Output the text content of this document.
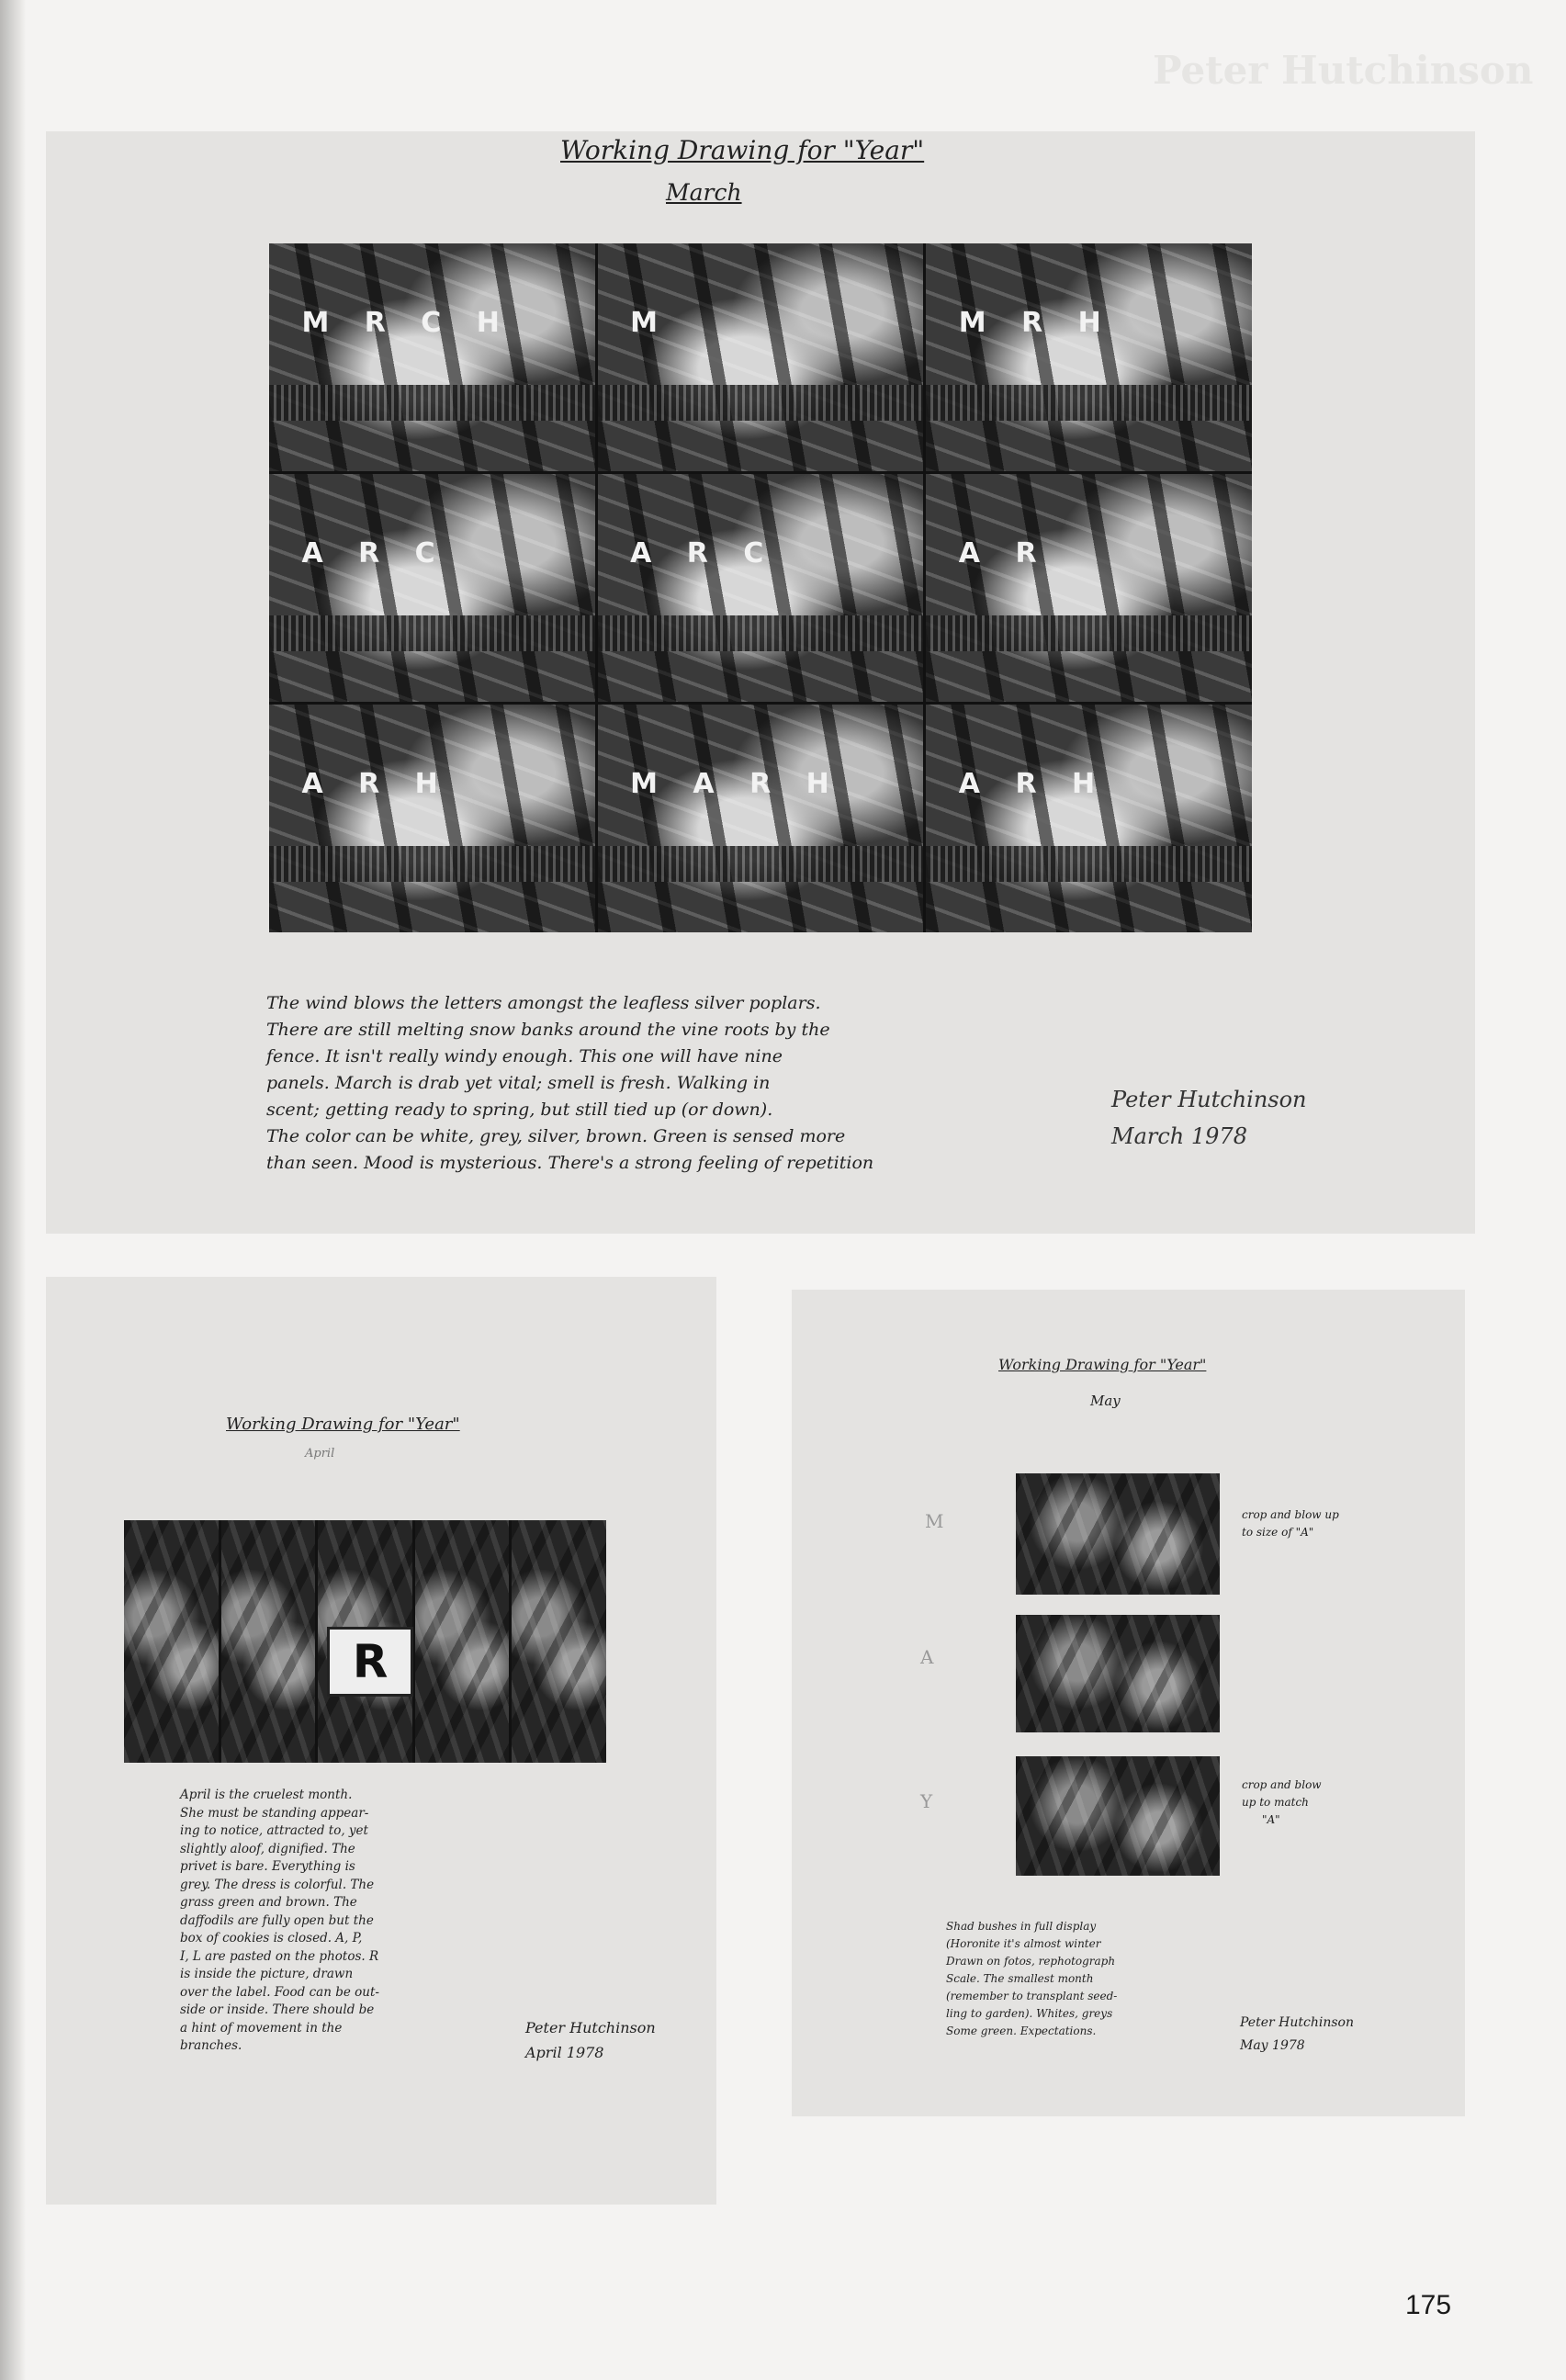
Peter Hutchinson
Working Drawing for "Year"
March
M R C H	M	M R H
A R C	A R C	A R
A R H	M A R H	A R H
The wind blows the letters amongst the leafless silver poplars.
There are still melting snow banks around the vine roots by the
fence. It isn't really windy enough. This one will have nine
panels. March is drab yet vital; smell is fresh. Walking in
scent; getting ready to spring, but still tied up (or down).
The color can be white, grey, silver, brown. Green is sensed more
than seen. Mood is mysterious. There's a strong feeling of repetition
Peter Hutchinson
March 1978
Working Drawing for "Year"
April
R
April is the cruelest month.
She must be standing appear-
ing to notice, attracted to, yet
slightly aloof, dignified. The
privet is bare. Everything is
grey. The dress is colorful. The
grass green and brown. The
daffodils are fully open but the
box of cookies is closed. A, P,
I, L are pasted on the photos. R
is inside the picture, drawn
over the label. Food can be out-
side or inside. There should be
a hint of movement in the
branches.
Peter Hutchinson
April 1978
Working Drawing for "Year"
May
M
A
Y
crop and blow up
to size of "A"
crop and blow
up to match
"A"
Shad bushes in full display
(Horonite it's almost winter
Drawn on fotos, rephotograph
Scale. The smallest month
(remember to transplant seed-
ling to garden). Whites, greys
Some green. Expectations.
Peter Hutchinson
May 1978
175
